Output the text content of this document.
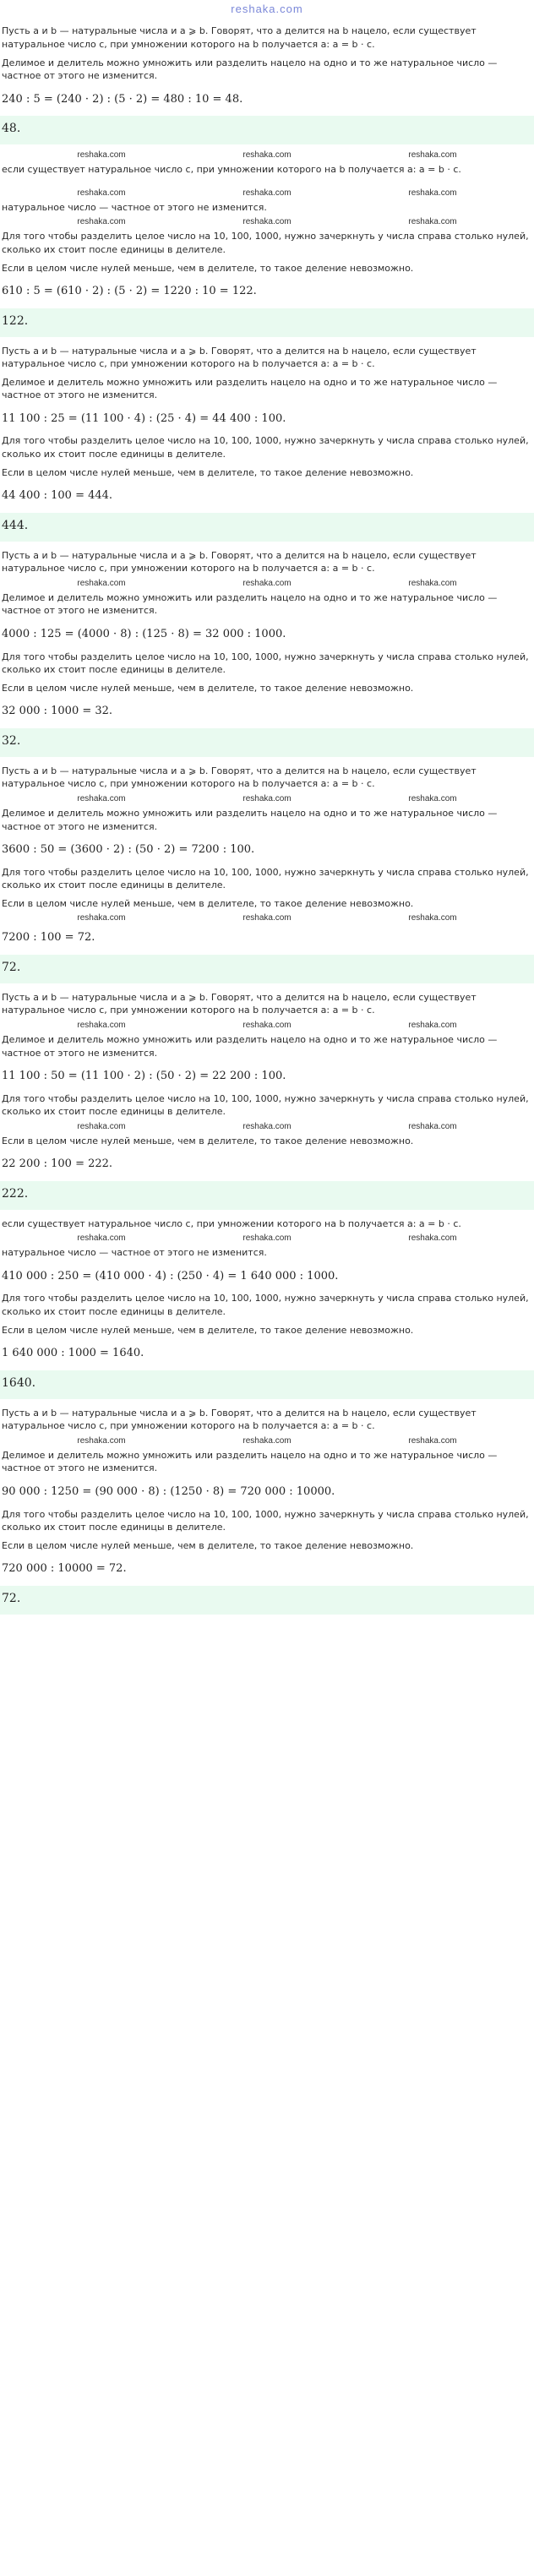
reshaka.com

Пусть a и b — натуральные числа и a ⩾ b. Говорят, что a делится на b нацело, если существует натуральное число c, при умножении которого на b получается a: a = b · c.

Делимое и делитель можно умножить или разделить нацело на одно и то же натуральное число — частное от этого не изменится.

240 : 5 = (240 · 2) : (5 · 2) = 480 : 10 = 48.

48.
reshaka.com	reshaka.com	reshaka.com

если существует натуральное число c, при умножении которого на b получается a: a = b · c.

reshaka.com	reshaka.com	reshaka.com

натуральное число — частное от этого не изменится.

reshaka.com	reshaka.com	reshaka.com

Для того чтобы разделить целое число на 10, 100, 1000, нужно зачеркнуть у числа справа столько нулей, сколько их стоит после единицы в делителе.

Если в целом числе нулей меньше, чем в делителе, то такое деление невозможно.

610 : 5 = (610 · 2) : (5 · 2) = 1220 : 10 = 122.

122.

Пусть a и b — натуральные числа и a ⩾ b. Говорят, что a делится на b нацело, если существует натуральное число c, при умножении которого на b получается a: a = b · c.

Делимое и делитель можно умножить или разделить нацело на одно и то же натуральное число — частное от этого не изменится.

11 100 : 25 = (11 100 · 4) : (25 · 4) = 44 400 : 100.

Для того чтобы разделить целое число на 10, 100, 1000, нужно зачеркнуть у числа справа столько нулей, сколько их стоит после единицы в делителе.

Если в целом числе нулей меньше, чем в делителе, то такое деление невозможно.

44 400 : 100 = 444.

444.

Пусть a и b — натуральные числа и a ⩾ b. Говорят, что a делится на b нацело, если существует натуральное число c, при умножении которого на b получается a: a = b · c.

reshaka.com	reshaka.com	reshaka.com

Делимое и делитель можно умножить или разделить нацело на одно и то же натуральное число — частное от этого не изменится.

4000 : 125 = (4000 · 8) : (125 · 8) = 32 000 : 1000.

Для того чтобы разделить целое число на 10, 100, 1000, нужно зачеркнуть у числа справа столько нулей, сколько их стоит после единицы в делителе.

Если в целом числе нулей меньше, чем в делителе, то такое деление невозможно.

32 000 : 1000 = 32.

32.

Пусть a и b — натуральные числа и a ⩾ b. Говорят, что a делится на b нацело, если существует натуральное число c, при умножении которого на b получается a: a = b · c.

reshaka.com	reshaka.com	reshaka.com

Делимое и делитель можно умножить или разделить нацело на одно и то же натуральное число — частное от этого не изменится.

3600 : 50 = (3600 · 2) : (50 · 2) = 7200 : 100.

Для того чтобы разделить целое число на 10, 100, 1000, нужно зачеркнуть у числа справа столько нулей, сколько их стоит после единицы в делителе.

Если в целом числе нулей меньше, чем в делителе, то такое деление невозможно.

reshaka.com	reshaka.com	reshaka.com

7200 : 100 = 72.

72.

Пусть a и b — натуральные числа и a ⩾ b. Говорят, что a делится на b нацело, если существует натуральное число c, при умножении которого на b получается a: a = b · c.

reshaka.com	reshaka.com	reshaka.com

Делимое и делитель можно умножить или разделить нацело на одно и то же натуральное число — частное от этого не изменится.

11 100 : 50 = (11 100 · 2) : (50 · 2) = 22 200 : 100.

Для того чтобы разделить целое число на 10, 100, 1000, нужно зачеркнуть у числа справа столько нулей, сколько их стоит после единицы в делителе.

reshaka.com	reshaka.com	reshaka.com

Если в целом числе нулей меньше, чем в делителе, то такое деление невозможно.

22 200 : 100 = 222.

222.

если существует натуральное число c, при умножении которого на b получается a: a = b · c.

reshaka.com	reshaka.com	reshaka.com

натуральное число — частное от этого не изменится.

410 000 : 250 = (410 000 · 4) : (250 · 4) = 1 640 000 : 1000.

Для того чтобы разделить целое число на 10, 100, 1000, нужно зачеркнуть у числа справа столько нулей, сколько их стоит после единицы в делителе.

Если в целом числе нулей меньше, чем в делителе, то такое деление невозможно.

1 640 000 : 1000 = 1640.

1640.

Пусть a и b — натуральные числа и a ⩾ b. Говорят, что a делится на b нацело, если существует натуральное число c, при умножении которого на b получается a: a = b · c.

reshaka.com	reshaka.com	reshaka.com

Делимое и делитель можно умножить или разделить нацело на одно и то же натуральное число — частное от этого не изменится.

90 000 : 1250 = (90 000 · 8) : (1250 · 8) = 720 000 : 10000.

Для того чтобы разделить целое число на 10, 100, 1000, нужно зачеркнуть у числа справа столько нулей, сколько их стоит после единицы в делителе.

Если в целом числе нулей меньше, чем в делителе, то такое деление невозможно.

720 000 : 10000 = 72.

72.
